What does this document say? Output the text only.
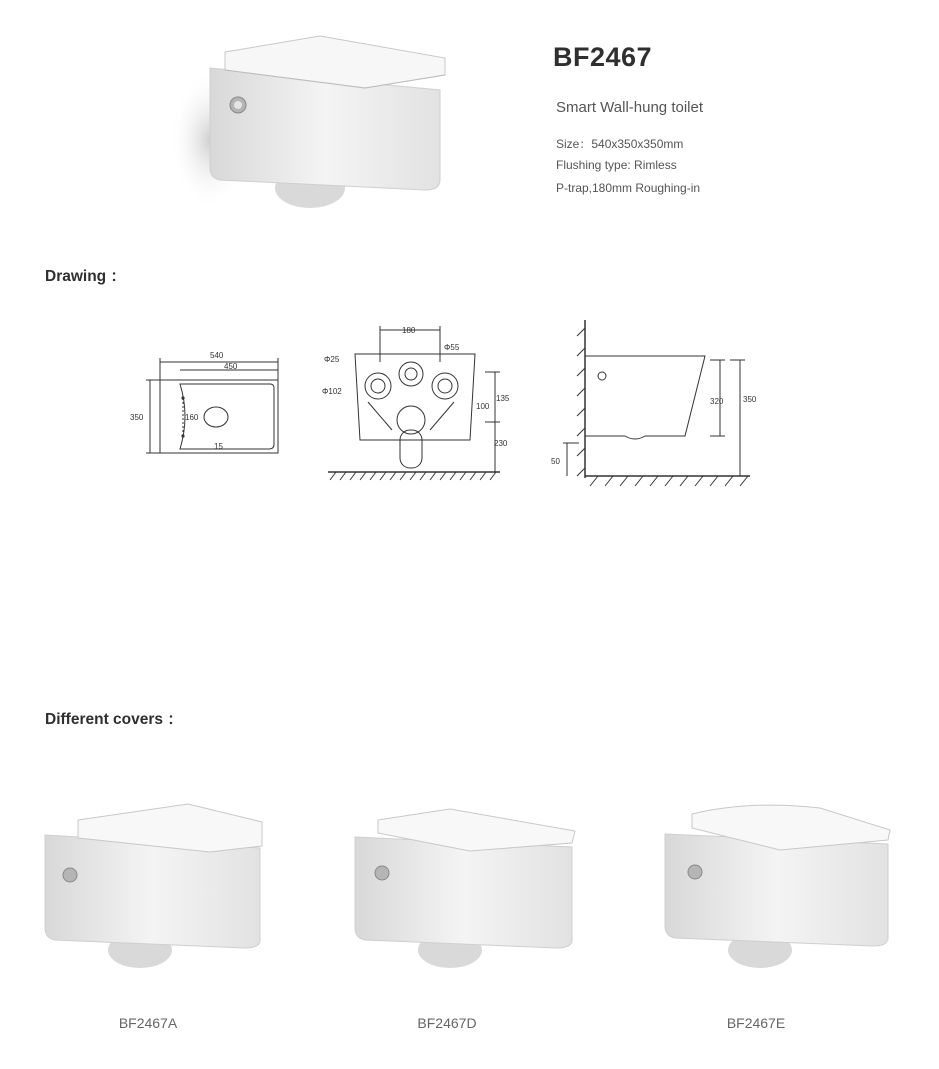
BF2467
Smart Wall-hung toilet
Size：540x350x350mm
Flushing type: Rimless
P-trap,180mm Roughing-in
Drawing ：
540
450
350	160
15
180
Φ25
Φ55
Φ102
135
100
230
320 350
50
Different covers ：
BF2467A	BF2467D	BF2467E
